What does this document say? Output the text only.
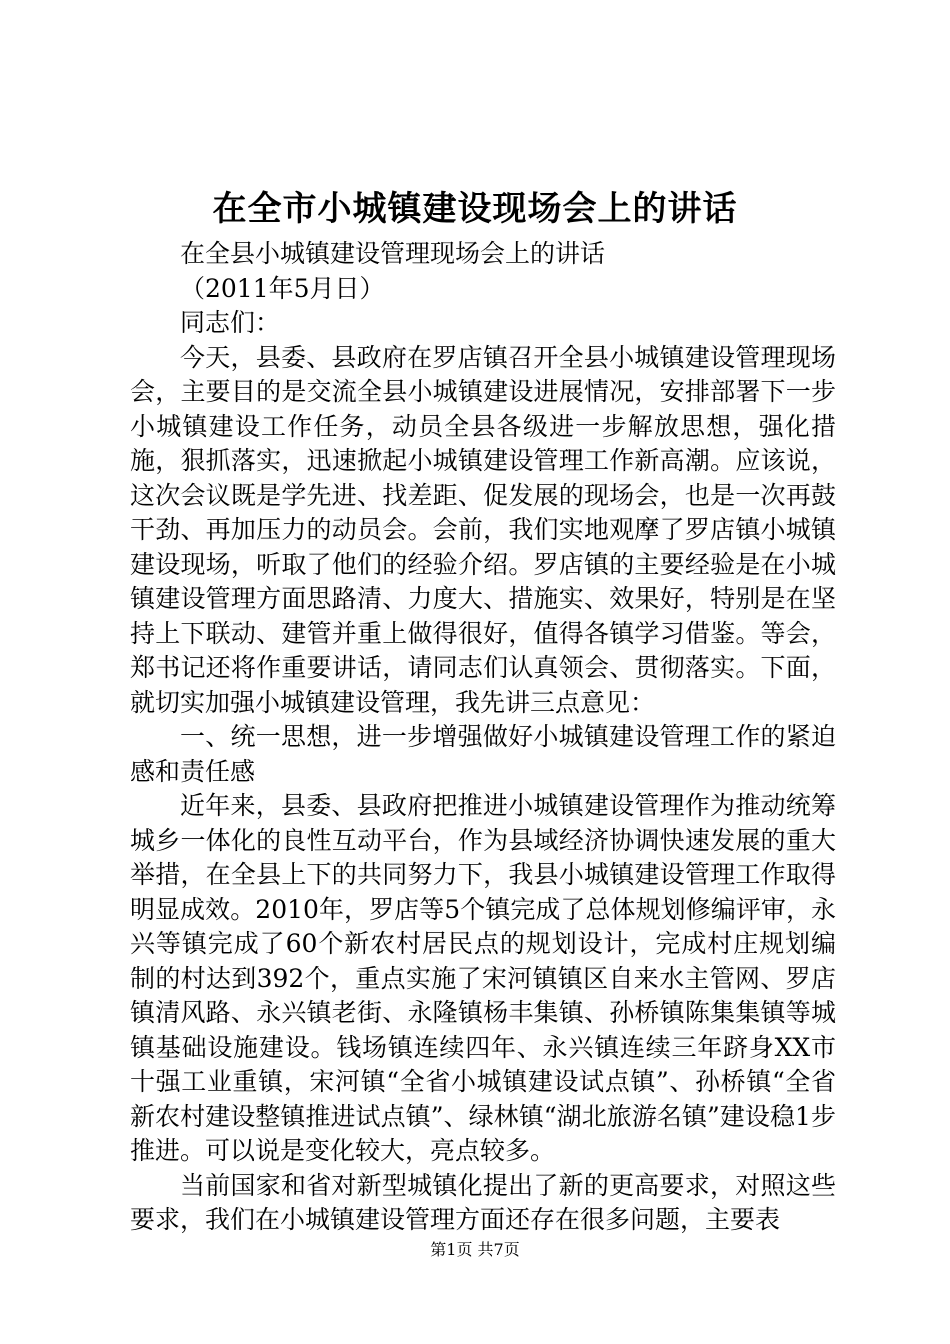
在全市小城镇建设现场会上的讲话

在全县小城镇建设管理现场会上的讲话

（2011年5月日）

同志们：

今天，县委、县政府在罗店镇召开全县小城镇建设管理现场会，主要目的是交流全县小城镇建设进展情况，安排部署下一步小城镇建设工作任务，动员全县各级进一步解放思想，强化措施，狠抓落实，迅速掀起小城镇建设管理工作新高潮。应该说，这次会议既是学先进、找差距、促发展的现场会，也是一次再鼓干劲、再加压力的动员会。会前，我们实地观摩了罗店镇小城镇建设现场，听取了他们的经验介绍。罗店镇的主要经验是在小城镇建设管理方面思路清、力度大、措施实、效果好，特别是在坚持上下联动、建管并重上做得很好，值得各镇学习借鉴。等会，郑书记还将作重要讲话，请同志们认真领会、贯彻落实。下面，就切实加强小城镇建设管理，我先讲三点意见：

一、统一思想，进一步增强做好小城镇建设管理工作的紧迫感和责任感

近年来，县委、县政府把推进小城镇建设管理作为推动统筹城乡一体化的良性互动平台，作为县域经济协调快速发展的重大举措，在全县上下的共同努力下，我县小城镇建设管理工作取得明显成效。2010年，罗店等5个镇完成了总体规划修编评审，永兴等镇完成了60个新农村居民点的规划设计，完成村庄规划编制的村达到392个，重点实施了宋河镇镇区自来水主管网、罗店镇清风路、永兴镇老街、永隆镇杨丰集镇、孙桥镇陈集集镇等城镇基础设施建设。钱场镇连续四年、永兴镇连续三年跻身XX市十强工业重镇，宋河镇“全省小城镇建设试点镇”、孙桥镇“全省新农村建设整镇推进试点镇”、绿林镇“湖北旅游名镇”建设稳1步推进。可以说是变化较大，亮点较多。

当前国家和省对新型城镇化提出了新的更高要求，对照这些要求，我们在小城镇建设管理方面还存在很多问题，主要表

第1页 共7页
